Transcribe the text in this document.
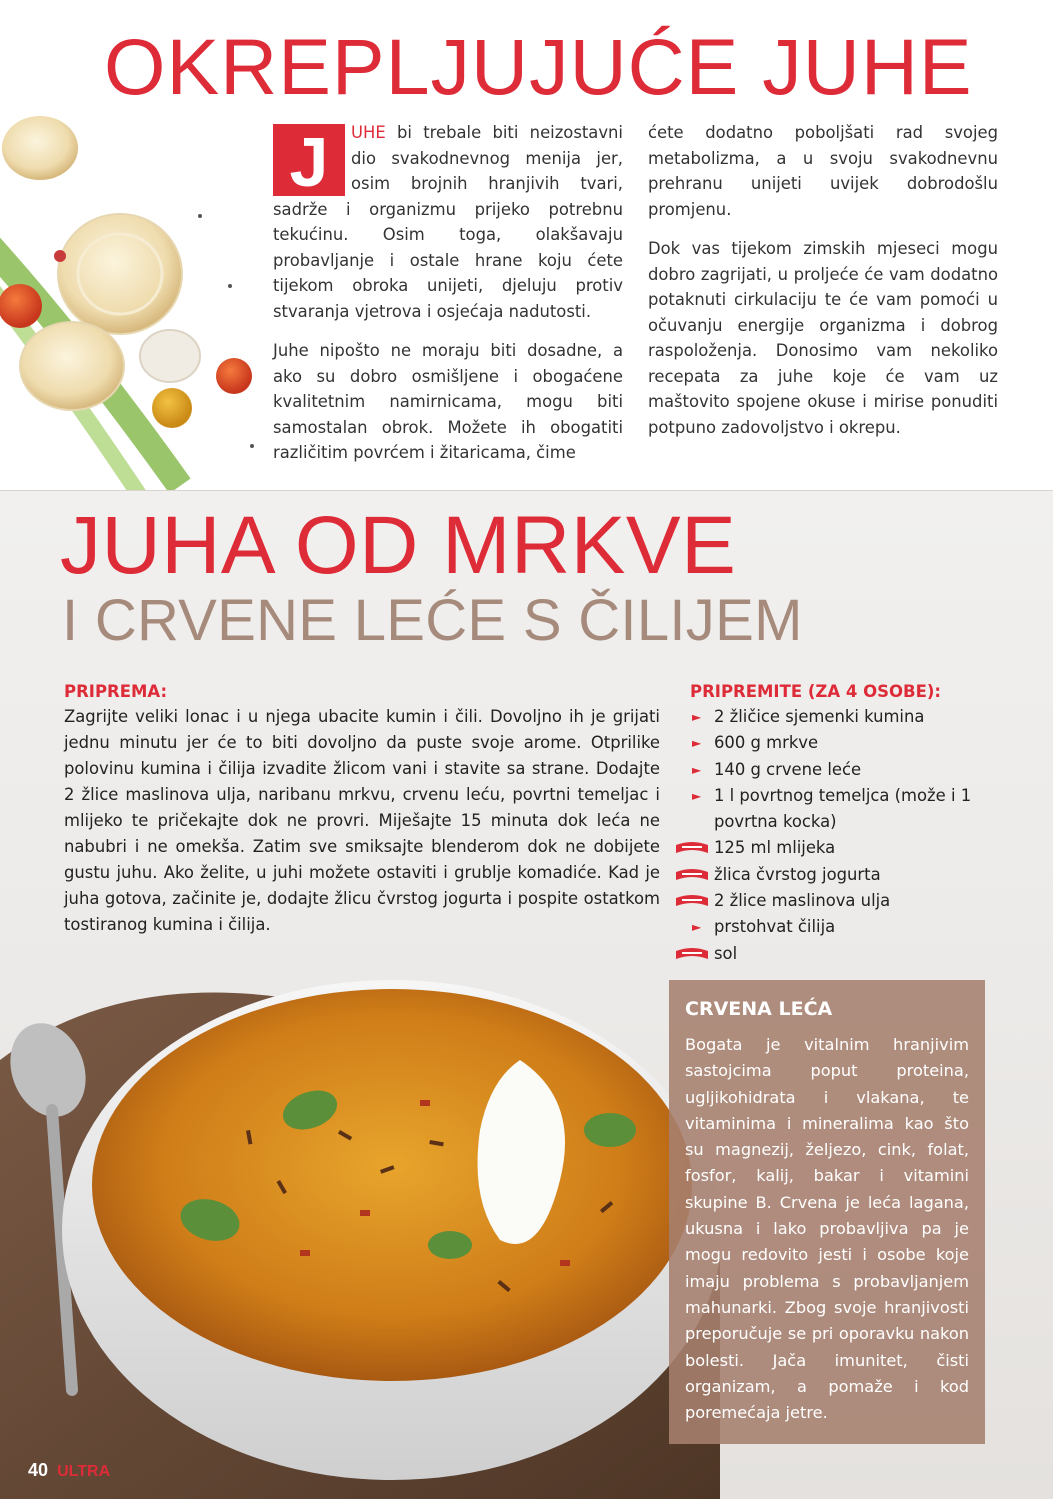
OKREPLJUJUĆE JUHE

J	UHE bi trebale biti neizostavni dio svakodnevnog menija jer, osim brojnih hranjivih tvari, sadrže i organizmu prijeko potrebnu tekućinu. Osim toga, olakšavaju probavljanje i ostale hrane koju ćete tijekom obroka unijeti, djeluju protiv stvaranja vjetrova i osjećaja nadutosti.

Juhe nipošto ne moraju biti dosadne, a ako su dobro osmišljene i obogaćene kvalitetnim namirnicama, mogu biti samostalan obrok. Možete ih obogatiti različitim povrćem i žitaricama, čime

ćete dodatno poboljšati rad svojeg metabolizma, a u svoju svakodnevnu prehranu unijeti uvijek dobrodošlu promjenu.

Dok vas tijekom zimskih mjeseci mogu dobro zagrijati, u proljeće će vam dodatno potaknuti cirkulaciju te će vam pomoći u očuvanju energije organizma i dobrog raspoloženja. Donosimo vam nekoliko recepata za juhe koje će vam uz maštovito spojene okuse i mirise ponuditi potpuno zadovoljstvo i okrepu.

JUHA OD MRKVE
I CRVENE LEĆE S ČILIJEM
PRIPREMA:
Zagrijte veliki lonac i u njega ubacite kumin i čili. Dovoljno ih je grijati jednu minutu jer će to biti dovoljno da puste svoje arome. Otprilike polovinu kumina i čilija izvadite žlicom vani i stavite sa strane. Dodajte 2 žlice maslinova ulja, naribanu mrkvu, crvenu leću, povrtni temeljac i mlijeko te pričekajte dok ne provri. Miješajte 15 minuta dok leća ne nabubri i ne omekša. Zatim sve smiksajte blenderom dok ne dobijete gustu juhu. Ako želite, u juhi možete ostaviti i grublje komadiće. Kad je juha gotova, začinite je, dodajte žlicu čvrstog jogurta i pospite ostatkom tostiranog kumina i čilija.
PRIPREMITE (ZA 4 OSOBE):
► 2 žličice sjemenki kumina
► 600 g mrkve
► 140 g crvene leće
► 1 l povrtnog temeljca (može i 1 povrtna kocka)
125 ml mlijeka
žlica čvrstog jogurta
2 žlice maslinova ulja
► prstohvat čilija
sol
CRVENA LEĆA
Bogata je vitalnim hranjivim sastojcima poput proteina, ugljikohidrata i vlakana, te vitaminima i mineralima kao što su magnezij, željezo, cink, folat, fosfor, kalij, bakar i vitamini skupine B. Crvena je leća lagana, ukusna i lako probavljiva pa je mogu redovito jesti i osobe koje imaju problema s probavljanjem mahunarki. Zbog svoje hranjivosti preporučuje se pri oporavku nakon bolesti. Jača imunitet, čisti organizam, a pomaže i kod poremećaja jetre.
40 ULTRA
